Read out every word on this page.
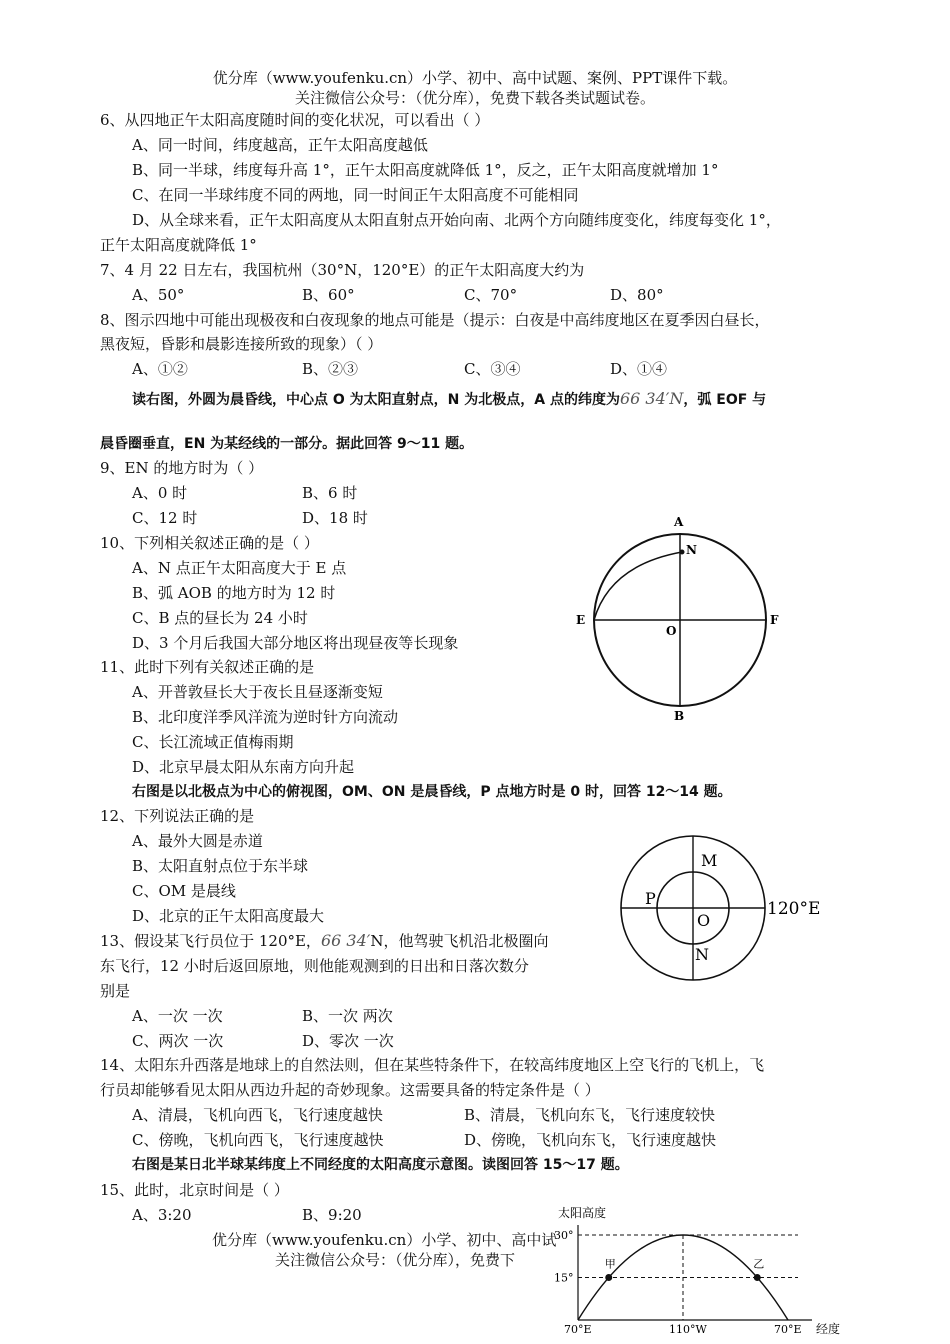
优分库（www.youfenku.cn）小学、初中、高中试题、案例、PPT课件下载。
关注微信公众号：（优分库），免费下载各类试题试卷。
6、从四地正午太阳高度随时间的变化状况，可以看出（ ）
A、同一时间，纬度越高，正午太阳高度越低
B、同一半球，纬度每升高 1°，正午太阳高度就降低 1°，反之，正午太阳高度就增加 1°
C、在同一半球纬度不同的两地，同一时间正午太阳高度不可能相同
D、从全球来看，正午太阳高度从太阳直射点开始向南、北两个方向随纬度变化，纬度每变化 1°，
正午太阳高度就降低 1°
7、4 月 22 日左右，我国杭州（30°N，120°E）的正午太阳高度大约为
A、50°	B、60°	C、70°	D、80°
8、图示四地中可能出现极夜和白夜现象的地点可能是（提示：白夜是中高纬度地区在夏季因白昼长，
黑夜短，昏影和晨影连接所致的现象）（ ）
A、①②	B、②③	C、③④	D、①④
读右图，外圆为晨昏线，中心点 O 为太阳直射点，N 为北极点，A 点的纬度为66 34′N，弧 EOF 与
晨昏圈垂直，EN 为某经线的一部分。据此回答 9～11 题。
9、EN 的地方时为（ ）
A、0 时	B、6 时
C、12 时	D、18 时
10、下列相关叙述正确的是（ ）
A、N 点正午太阳高度大于 E 点
B、弧 AOB 的地方时为 12 时
C、B 点的昼长为 24 小时
D、3 个月后我国大部分地区将出现昼夜等长现象
11、此时下列有关叙述正确的是
A、开普敦昼长大于夜长且昼逐渐变短
B、北印度洋季风洋流为逆时针方向流动
C、长江流域正值梅雨期
D、北京早晨太阳从东南方向升起
右图是以北极点为中心的俯视图，OM、ON 是晨昏线，P 点地方时是 0 时，回答 12～14 题。
12、下列说法正确的是
A、最外大圆是赤道
B、太阳直射点位于东半球
C、OM 是晨线
D、北京的正午太阳高度最大
13、假设某飞行员位于 120°E，66 34′N，他驾驶飞机沿北极圈向
东飞行，12 小时后返回原地，则他能观测到的日出和日落次数分
别是
A、一次 一次	B、一次 两次
C、两次 一次	D、零次 一次
14、太阳东升西落是地球上的自然法则，但在某些特条件下，在较高纬度地区上空飞行的飞机上，飞
行员却能够看见太阳从西边升起的奇妙现象。这需要具备的特定条件是（ ）
A、清晨，飞机向西飞，飞行速度越快	B、清晨，飞机向东飞，飞行速度较快
C、傍晚，飞机向西飞，飞行速度越快	D、傍晚，飞机向东飞，飞行速度越快
右图是某日北半球某纬度上不同经度的太阳高度示意图。读图回答 15～17 题。
15、此时，北京时间是（ ）
A、3:20	B、9:20
优分库（www.youfenku.cn）小学、初中、高中试
关注微信公众号：（优分库），免费下
A
N
E
O
F
B
M
P
O
N
120°E
太阳高度
经度
30°
15°
70°E	110°W	70°E
甲	乙
